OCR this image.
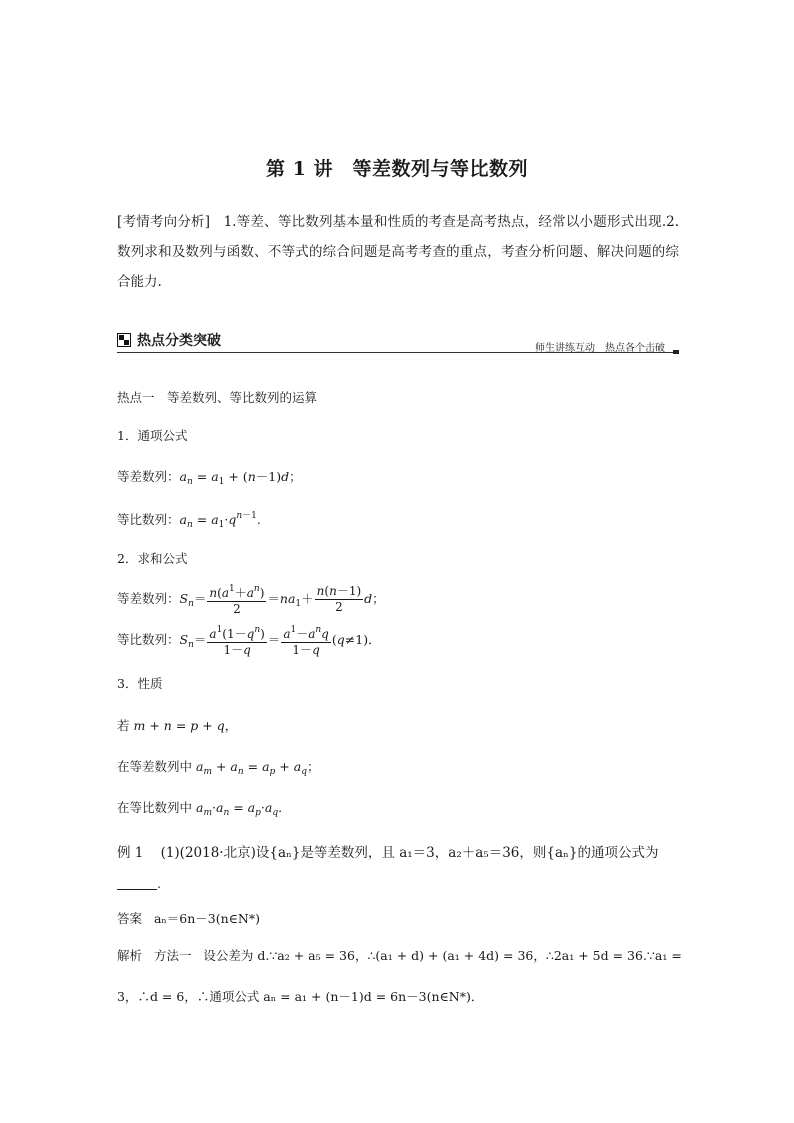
第 1 讲　等差数列与等比数列
[考情考向分析] 1.等差、等比数列基本量和性质的考查是高考热点，经常以小题形式出现.2.数列求和及数列与函数、不等式的综合问题是高考考查的重点，考查分析问题、解决问题的综合能力.
热点分类突破	师生讲练互动　热点各个击破
热点一　等差数列、等比数列的运算
1．通项公式
等差数列：$a_n = a_1 + (n-1)d$；
等比数列：$a_n = a_1\cdot q^{n-1}$.
2．求和公式
等差数列：$S_n= \frac{n(a^1+a^n)}{2} =na_1+ \frac{n(n-1)}{2}$ d；
等比数列：$S_n= \frac{a^1(1-q^n)}{1-q} = \frac{a^1-a^nq}{1-q} (q\ne 1)$．
3．性质
若 m + n = p + q，
在等差数列中 $a_m + a_n = a_p + a_q$；
在等比数列中 $a_m\cdot a_n = a_p\cdot a_q$.
例 1 (1)(2018·北京)设{aₙ}是等差数列，且 a₁＝3，a₂＋a₅＝36，则{aₙ}的通项公式为
.
答案 aₙ＝6n－3(n∈N*)
解析 方法一 设公差为 d.∵a₂ + a₅ = 36，∴(a₁ + d) + (a₁ + 4d) = 36，∴2a₁ + 5d = 36.∵a₁ =
3，∴d = 6，∴通项公式 aₙ = a₁ + (n－1)d = 6n－3(n∈N*)．
